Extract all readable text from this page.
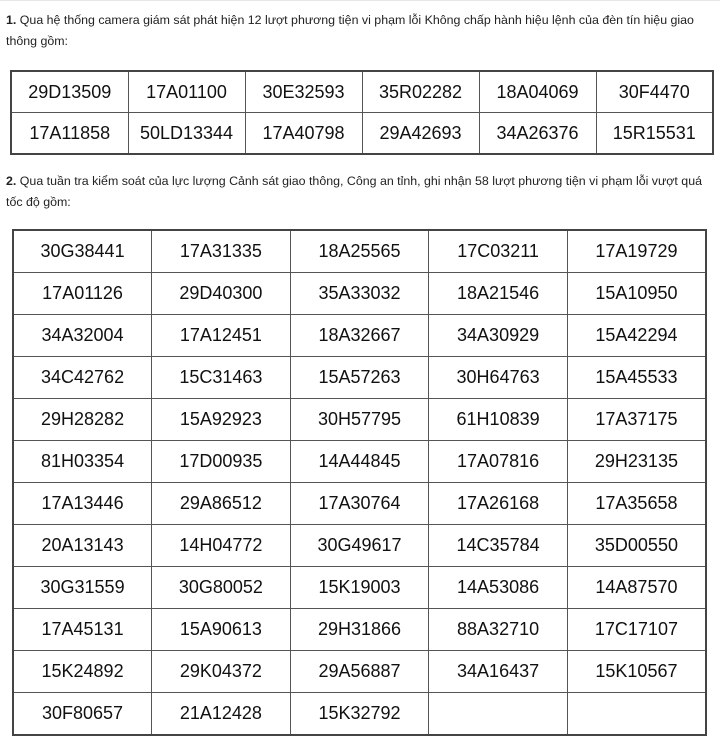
1. Qua hệ thống camera giám sát phát hiện 12 lượt phương tiện vi phạm lỗi Không chấp hành hiệu lệnh của đèn tín hiệu giao thông gồm:
29D13509	17A01100	30E32593	35R02282	18A04069	30F4470
17A11858	50LD13344	17A40798	29A42693	34A26376	15R15531
2. Qua tuần tra kiểm soát của lực lượng Cảnh sát giao thông, Công an tỉnh, ghi nhận 58 lượt phương tiện vi phạm lỗi vượt quá tốc độ gồm:
30G38441	17A31335	18A25565	17C03211	17A19729
17A01126	29D40300	35A33032	18A21546	15A10950
34A32004	17A12451	18A32667	34A30929	15A42294
34C42762	15C31463	15A57263	30H64763	15A45533
29H28282	15A92923	30H57795	61H10839	17A37175
81H03354	17D00935	14A44845	17A07816	29H23135
17A13446	29A86512	17A30764	17A26168	17A35658
20A13143	14H04772	30G49617	14C35784	35D00550
30G31559	30G80052	15K19003	14A53086	14A87570
17A45131	15A90613	29H31866	88A32710	17C17107
15K24892	29K04372	29A56887	34A16437	15K10567
30F80657	21A12428	15K32792		
